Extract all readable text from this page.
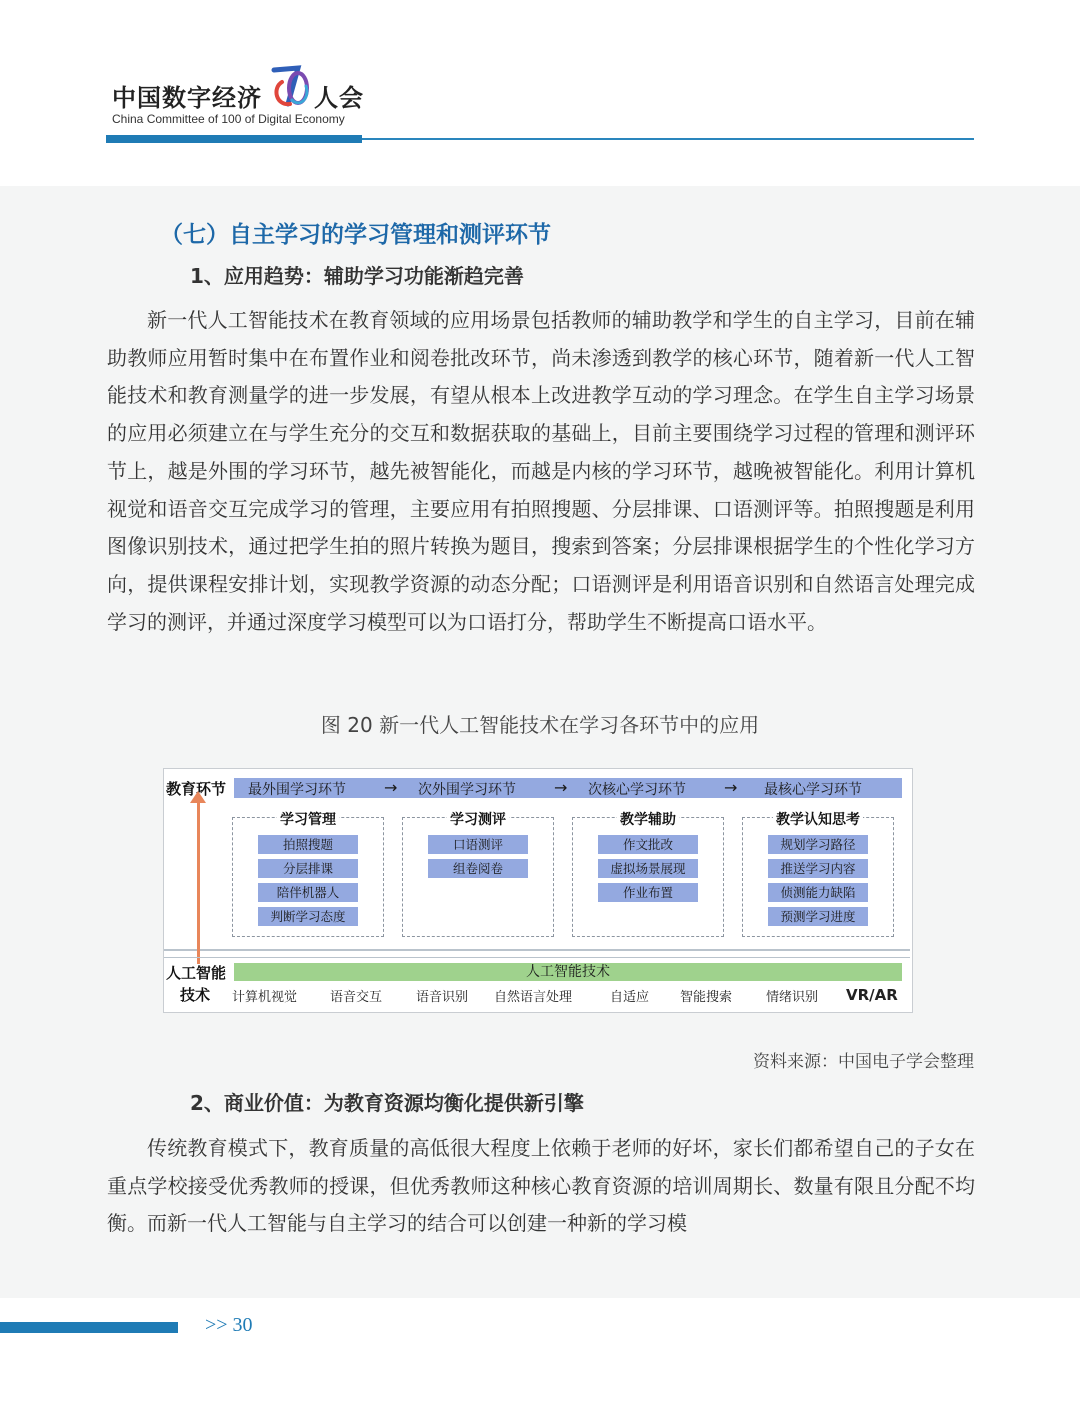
中国数字经济 人会
China Committee of 100 of Digital Economy
（七）自主学习的学习管理和测评环节
1、应用趋势：辅助学习功能渐趋完善

新一代人工智能技术在教育领域的应用场景包括教师的辅助教学和学生的自主学习，目前在辅助教师应用暂时集中在布置作业和阅卷批改环节，尚未渗透到教学的核心环节，随着新一代人工智能技术和教育测量学的进一步发展，有望从根本上改进教学互动的学习理念。在学生自主学习场景的应用必须建立在与学生充分的交互和数据获取的基础上，目前主要围绕学习过程的管理和测评环节上，越是外围的学习环节，越先被智能化，而越是内核的学习环节，越晚被智能化。利用计算机视觉和语音交互完成学习的管理，主要应用有拍照搜题、分层排课、口语测评等。拍照搜题是利用图像识别技术，通过把学生拍的照片转换为题目，搜索到答案；分层排课根据学生的个性化学习方向，提供课程安排计划，实现教学资源的动态分配；口语测评是利用语音识别和自然语言处理完成学习的测评，并通过深度学习模型可以为口语打分，帮助学生不断提高口语水平。

图 20 新一代人工智能技术在学习各环节中的应用
教育环节 最外围学习环节 → 次外围学习环节 → 次核心学习环节 → 最核心学习环节
学习管理
拍照搜题
分层排课
陪伴机器人
判断学习态度
学习测评
口语测评
组卷阅卷
教学辅助
作文批改
虚拟场景展现
作业布置
教学认知思考
规划学习路径
推送学习内容
侦测能力缺陷
预测学习进度
人工智能
技术
人工智能技术
计算机视觉	语音交互	语音识别 自然语言处理	自适应 智能搜索	情绪识别 VR/AR
资料来源：中国电子学会整理
2、商业价值：为教育资源均衡化提供新引擎

传统教育模式下，教育质量的高低很大程度上依赖于老师的好坏，家长们都希望自己的子女在重点学校接受优秀教师的授课，但优秀教师这种核心教育资源的培训周期长、数量有限且分配不均衡。而新一代人工智能与自主学习的结合可以创建一种新的学习模

>> 30
